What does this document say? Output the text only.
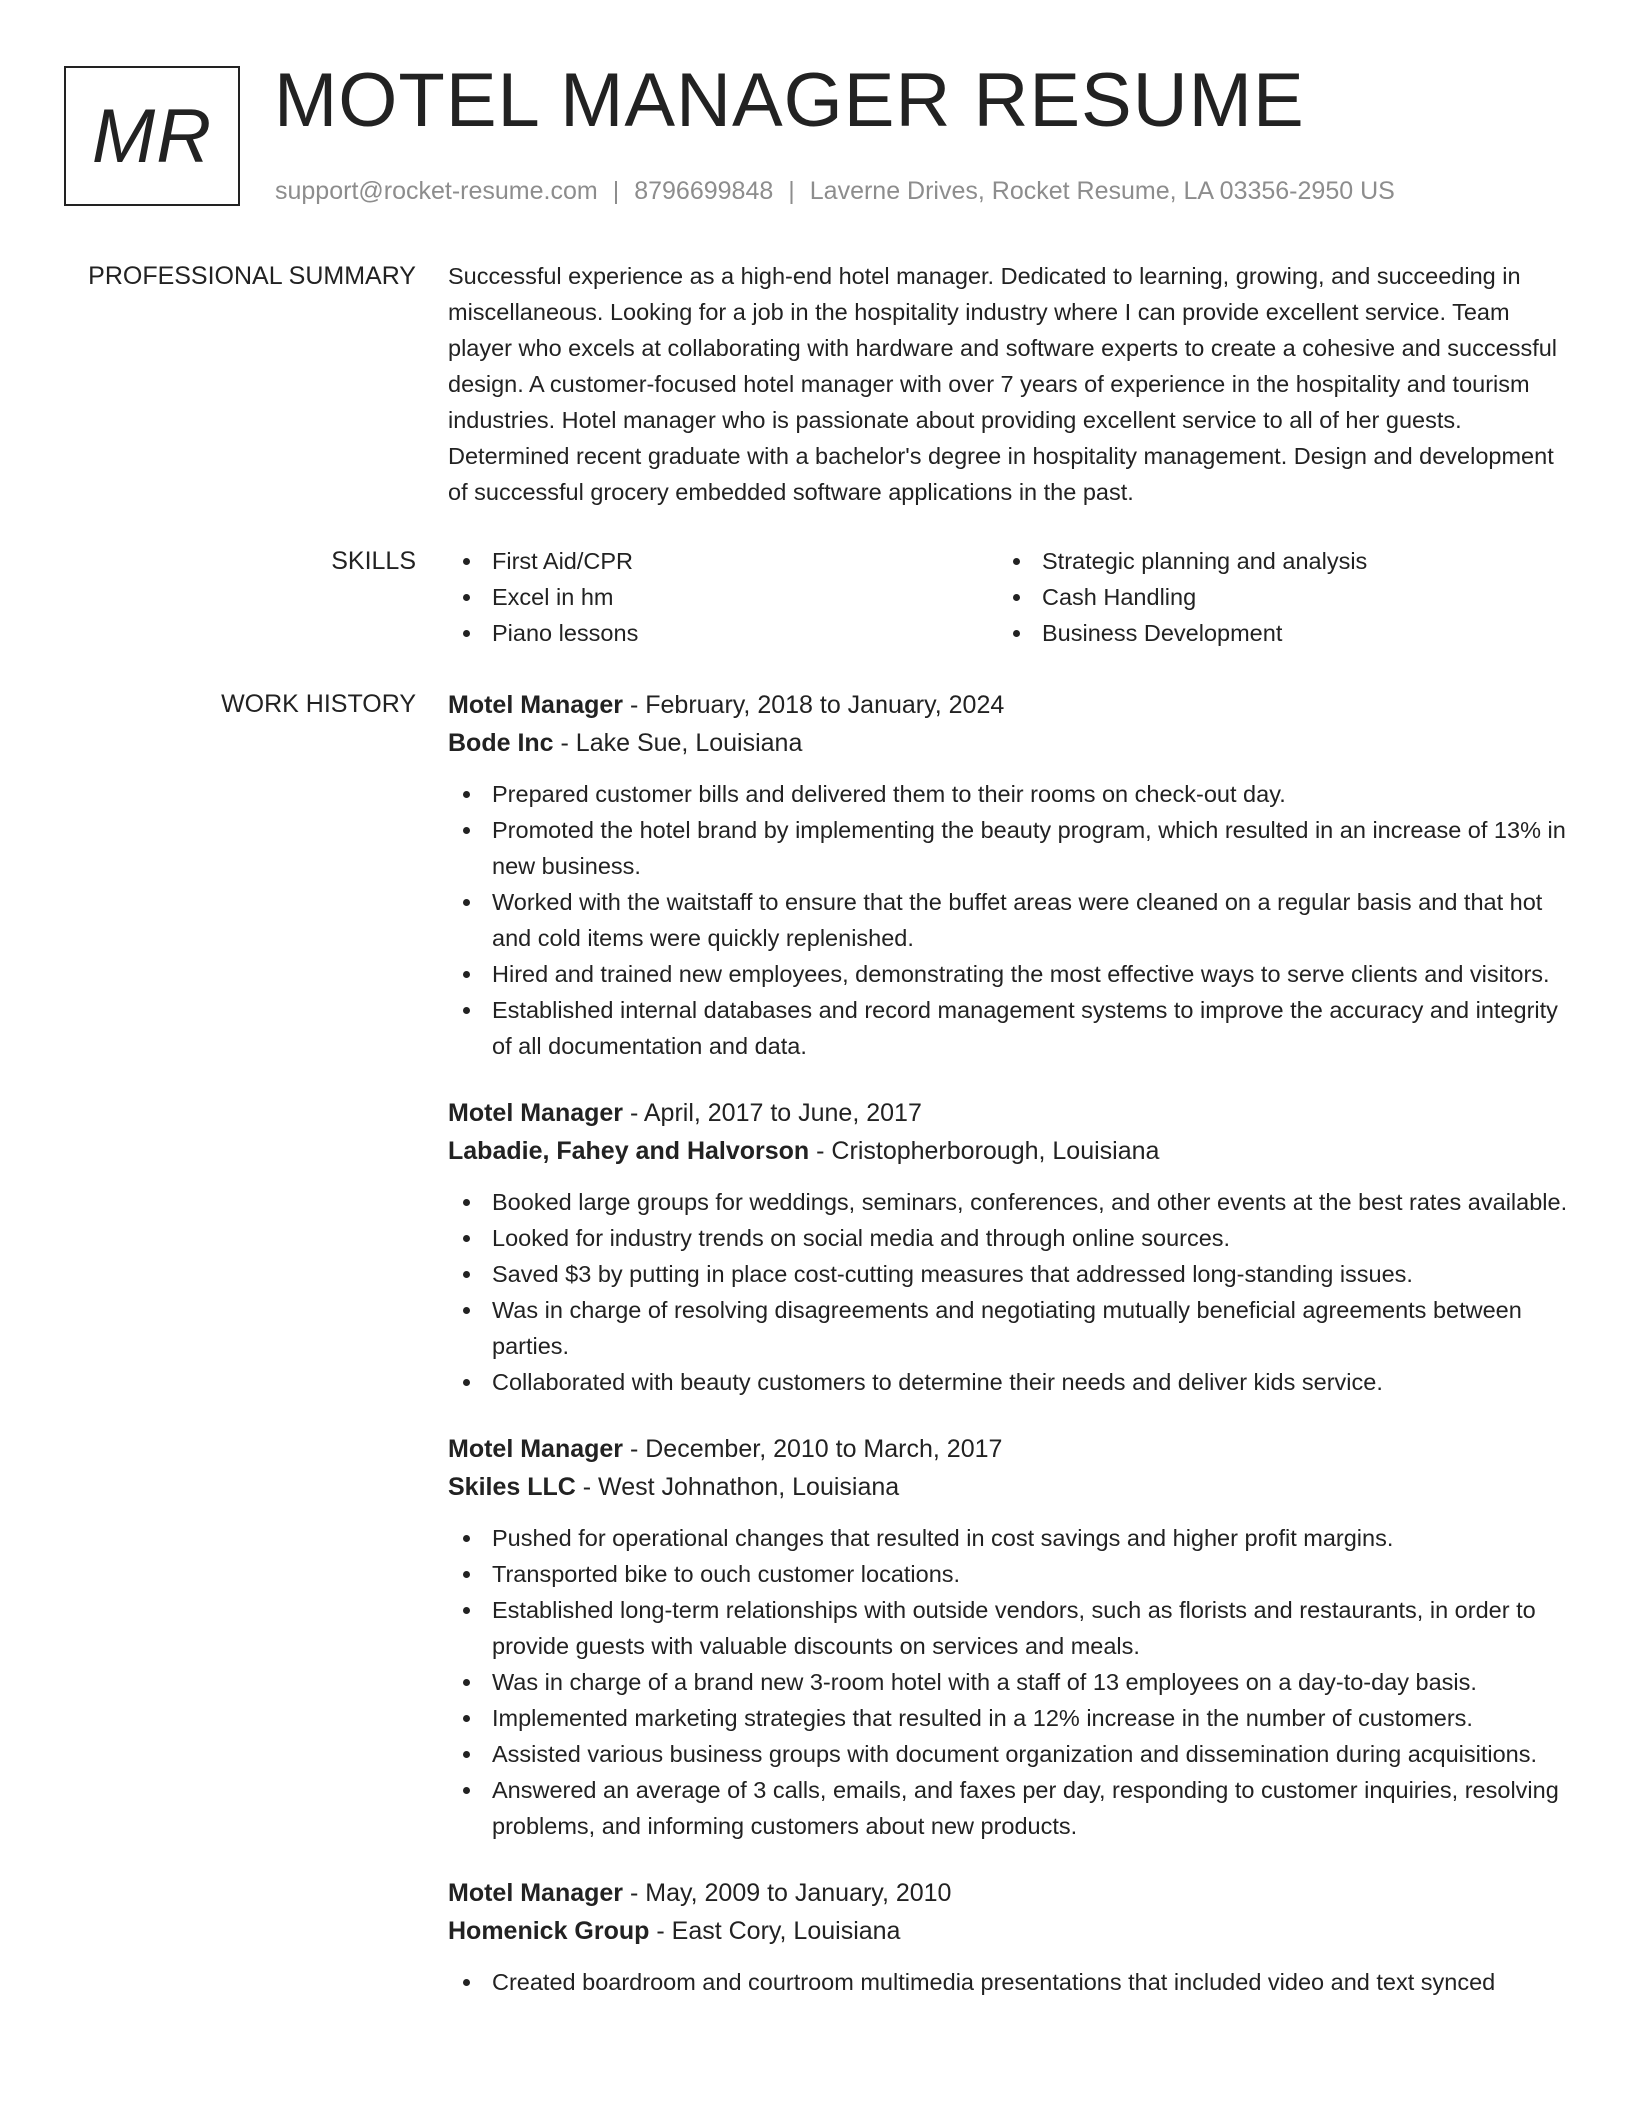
MR MOTEL MANAGER RESUME
support@rocket-resume.com | 8796699848 | Laverne Drives, Rocket Resume, LA 03356-2950 US
PROFESSIONAL SUMMARY Successful experience as a high-end hotel manager. Dedicated to learning, growing, and succeeding in miscellaneous. Looking for a job in the hospitality industry where I can provide excellent service. Team player who excels at collaborating with hardware and software experts to create a cohesive and successful design. A customer-focused hotel manager with over 7 years of experience in the hospitality and tourism industries. Hotel manager who is passionate about providing excellent service to all of her guests. Determined recent graduate with a bachelor's degree in hospitality management. Design and development of successful grocery embedded software applications in the past.

SKILLS	First Aid/CPR
Excel in hm
Piano lessons
Strategic planning and analysis
Cash Handling
Business Development
WORK HISTORY Motel Manager - February, 2018 to January, 2024
Bode Inc - Lake Sue, Louisiana
Prepared customer bills and delivered them to their rooms on check-out day.
Promoted the hotel brand by implementing the beauty program, which resulted in an increase of 13% in new business.
Worked with the waitstaff to ensure that the buffet areas were cleaned on a regular basis and that hot and cold items were quickly replenished.
Hired and trained new employees, demonstrating the most effective ways to serve clients and visitors.
Established internal databases and record management systems to improve the accuracy and integrity of all documentation and data.
Motel Manager - April, 2017 to June, 2017
Labadie, Fahey and Halvorson - Cristopherborough, Louisiana
Booked large groups for weddings, seminars, conferences, and other events at the best rates available.
Looked for industry trends on social media and through online sources.
Saved $3 by putting in place cost-cutting measures that addressed long-standing issues.
Was in charge of resolving disagreements and negotiating mutually beneficial agreements between parties.
Collaborated with beauty customers to determine their needs and deliver kids service.
Motel Manager - December, 2010 to March, 2017
Skiles LLC - West Johnathon, Louisiana
Pushed for operational changes that resulted in cost savings and higher profit margins.
Transported bike to ouch customer locations.
Established long-term relationships with outside vendors, such as florists and restaurants, in order to provide guests with valuable discounts on services and meals.
Was in charge of a brand new 3-room hotel with a staff of 13 employees on a day-to-day basis.
Implemented marketing strategies that resulted in a 12% increase in the number of customers.
Assisted various business groups with document organization and dissemination during acquisitions.
Answered an average of 3 calls, emails, and faxes per day, responding to customer inquiries, resolving problems, and informing customers about new products.
Motel Manager - May, 2009 to January, 2010
Homenick Group - East Cory, Louisiana
Created boardroom and courtroom multimedia presentations that included video and text synced
